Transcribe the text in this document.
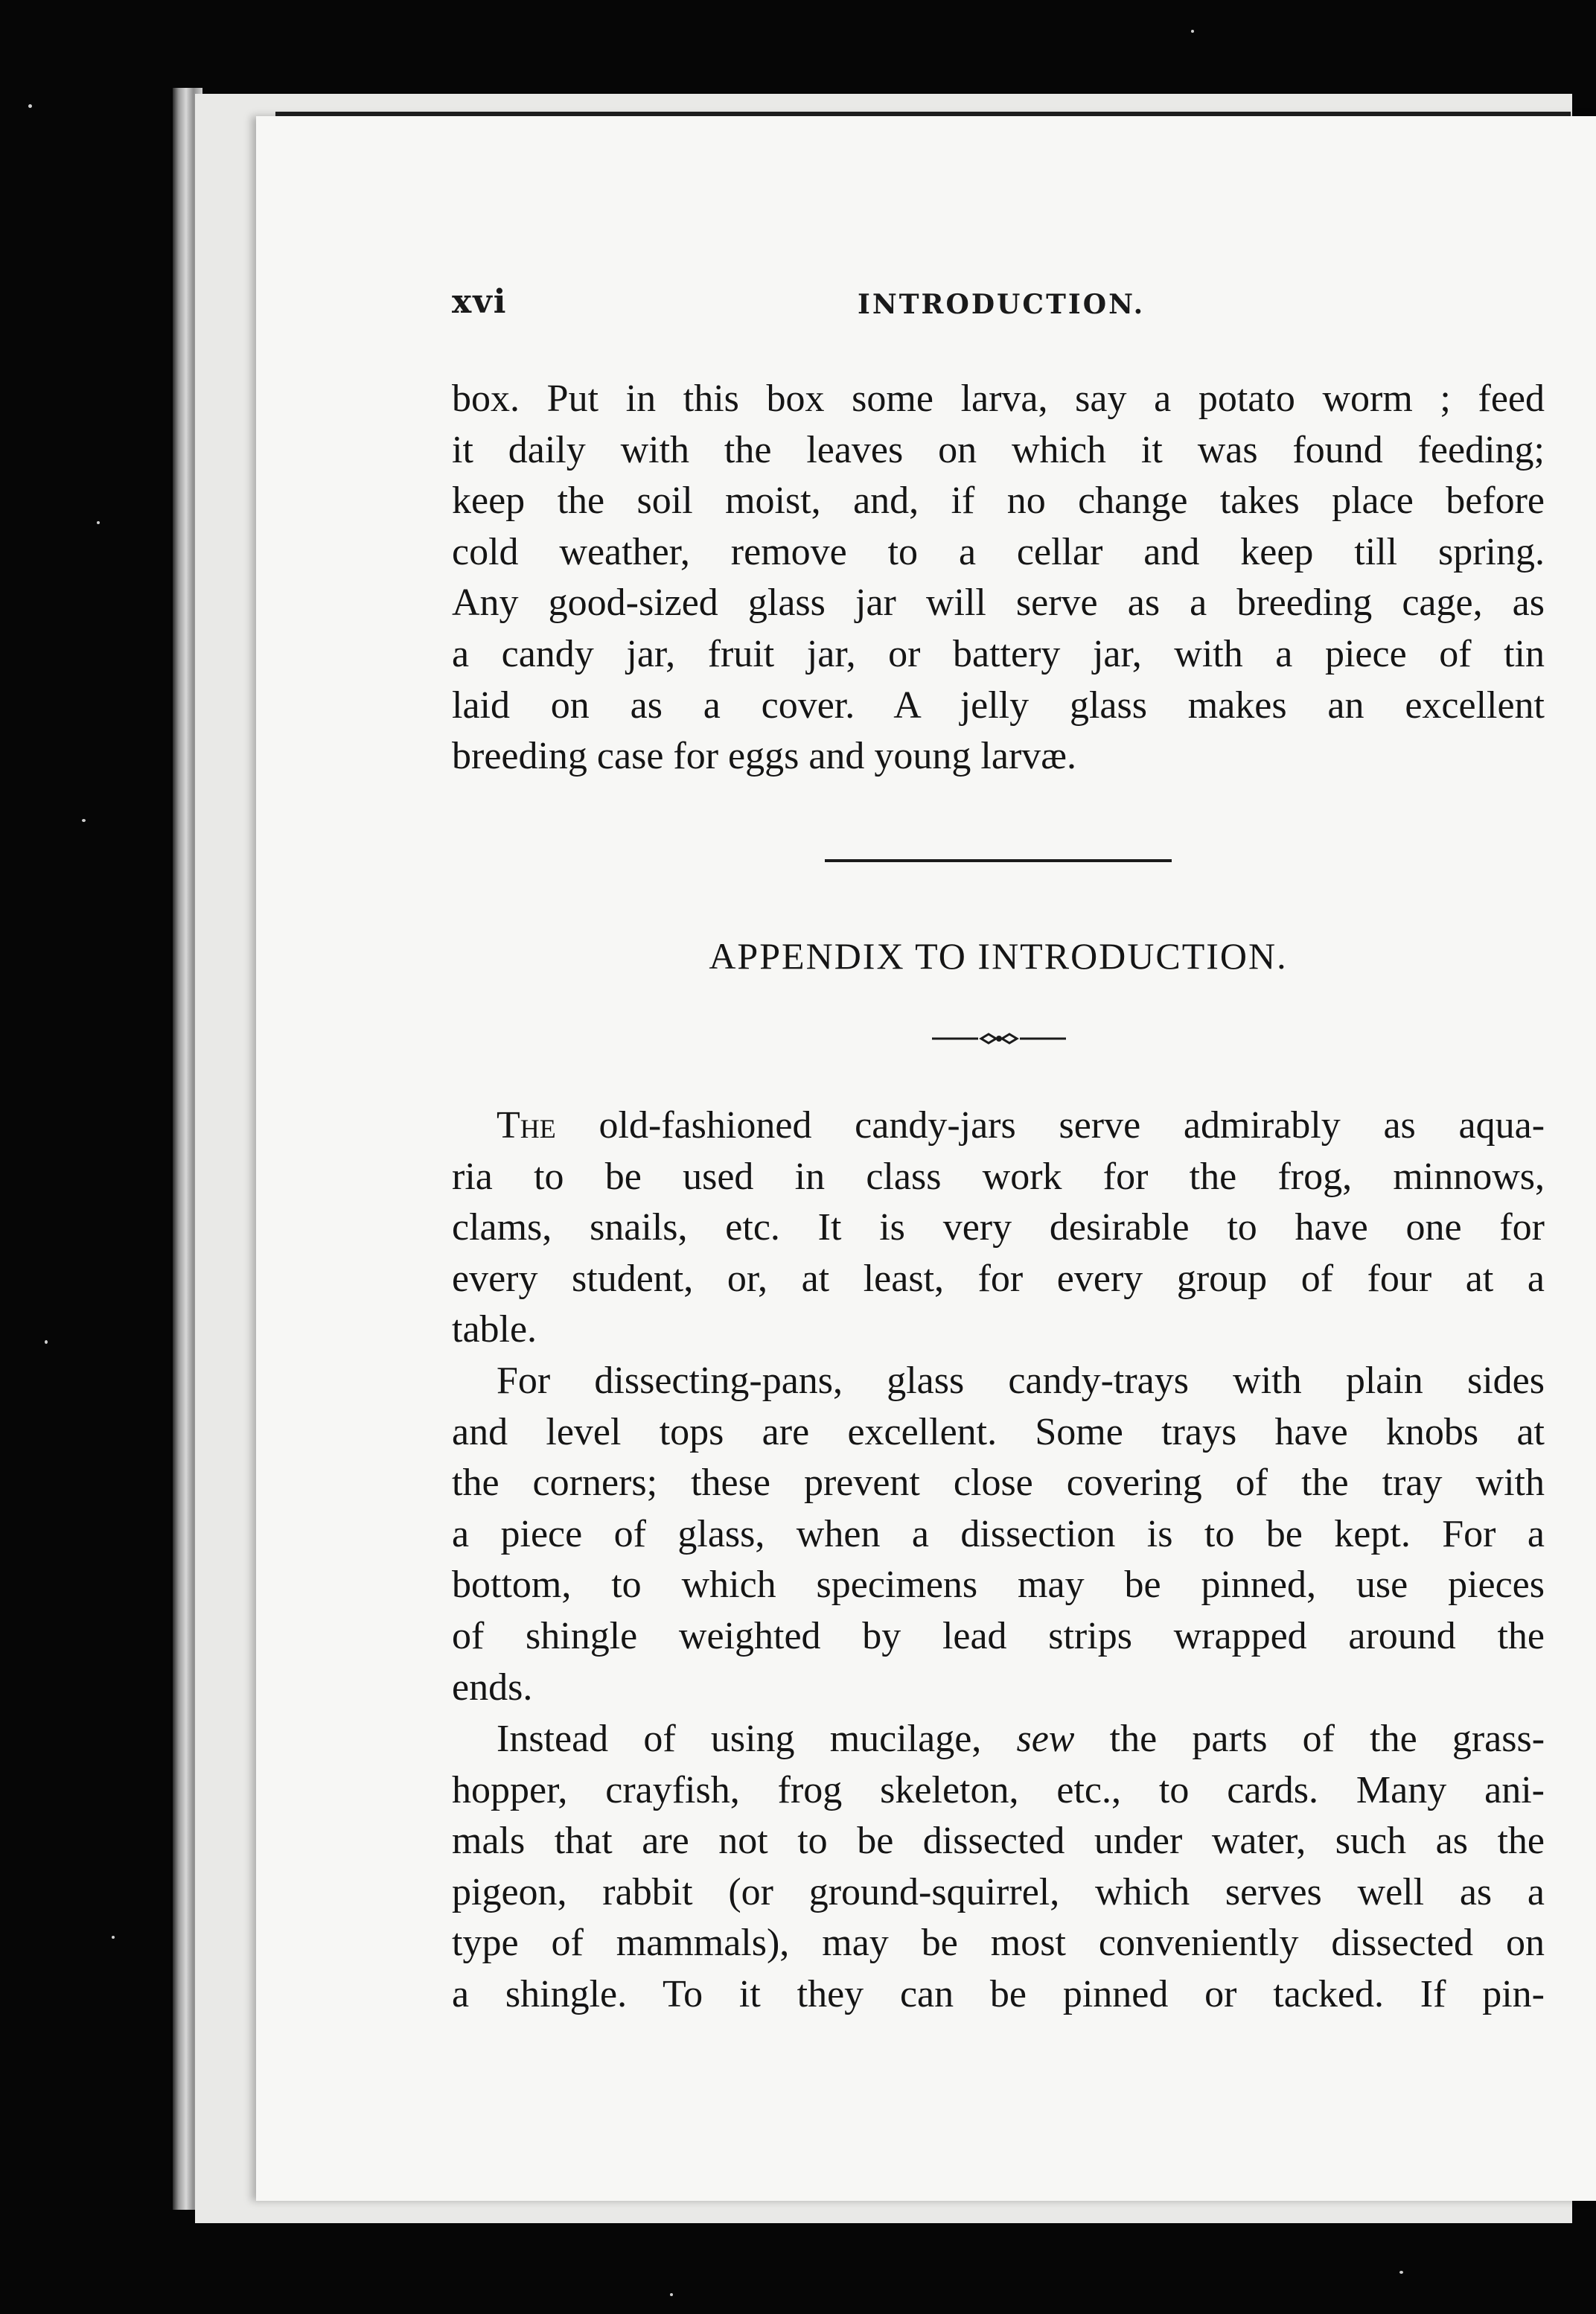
xvi	INTRODUCTION.

box. Put in this box some larva, say a potato worm ; feed

it daily with the leaves on which it was found feeding;

keep the soil moist, and, if no change takes place before

cold weather, remove to a cellar and keep till spring.

Any good-sized glass jar will serve as a breeding cage, as

a candy jar, fruit jar, or battery jar, with a piece of tin

laid on as a cover. A jelly glass makes an excellent

breeding case for eggs and young larvæ.

APPENDIX TO INTRODUCTION.

The old-fashioned candy-jars serve admirably as aqua-

ria to be used in class work for the frog, minnows,

clams, snails, etc. It is very desirable to have one for

every student, or, at least, for every group of four at a

table.

For dissecting-pans, glass candy-trays with plain sides

and level tops are excellent. Some trays have knobs at

the corners; these prevent close covering of the tray with

a piece of glass, when a dissection is to be kept. For a

bottom, to which specimens may be pinned, use pieces

of shingle weighted by lead strips wrapped around the

ends.

Instead of using mucilage, sew the parts of the grass-

hopper, crayfish, frog skeleton, etc., to cards. Many ani-

mals that are not to be dissected under water, such as the

pigeon, rabbit (or ground-squirrel, which serves well as a

type of mammals), may be most conveniently dissected on

a shingle. To it they can be pinned or tacked. If pin-
